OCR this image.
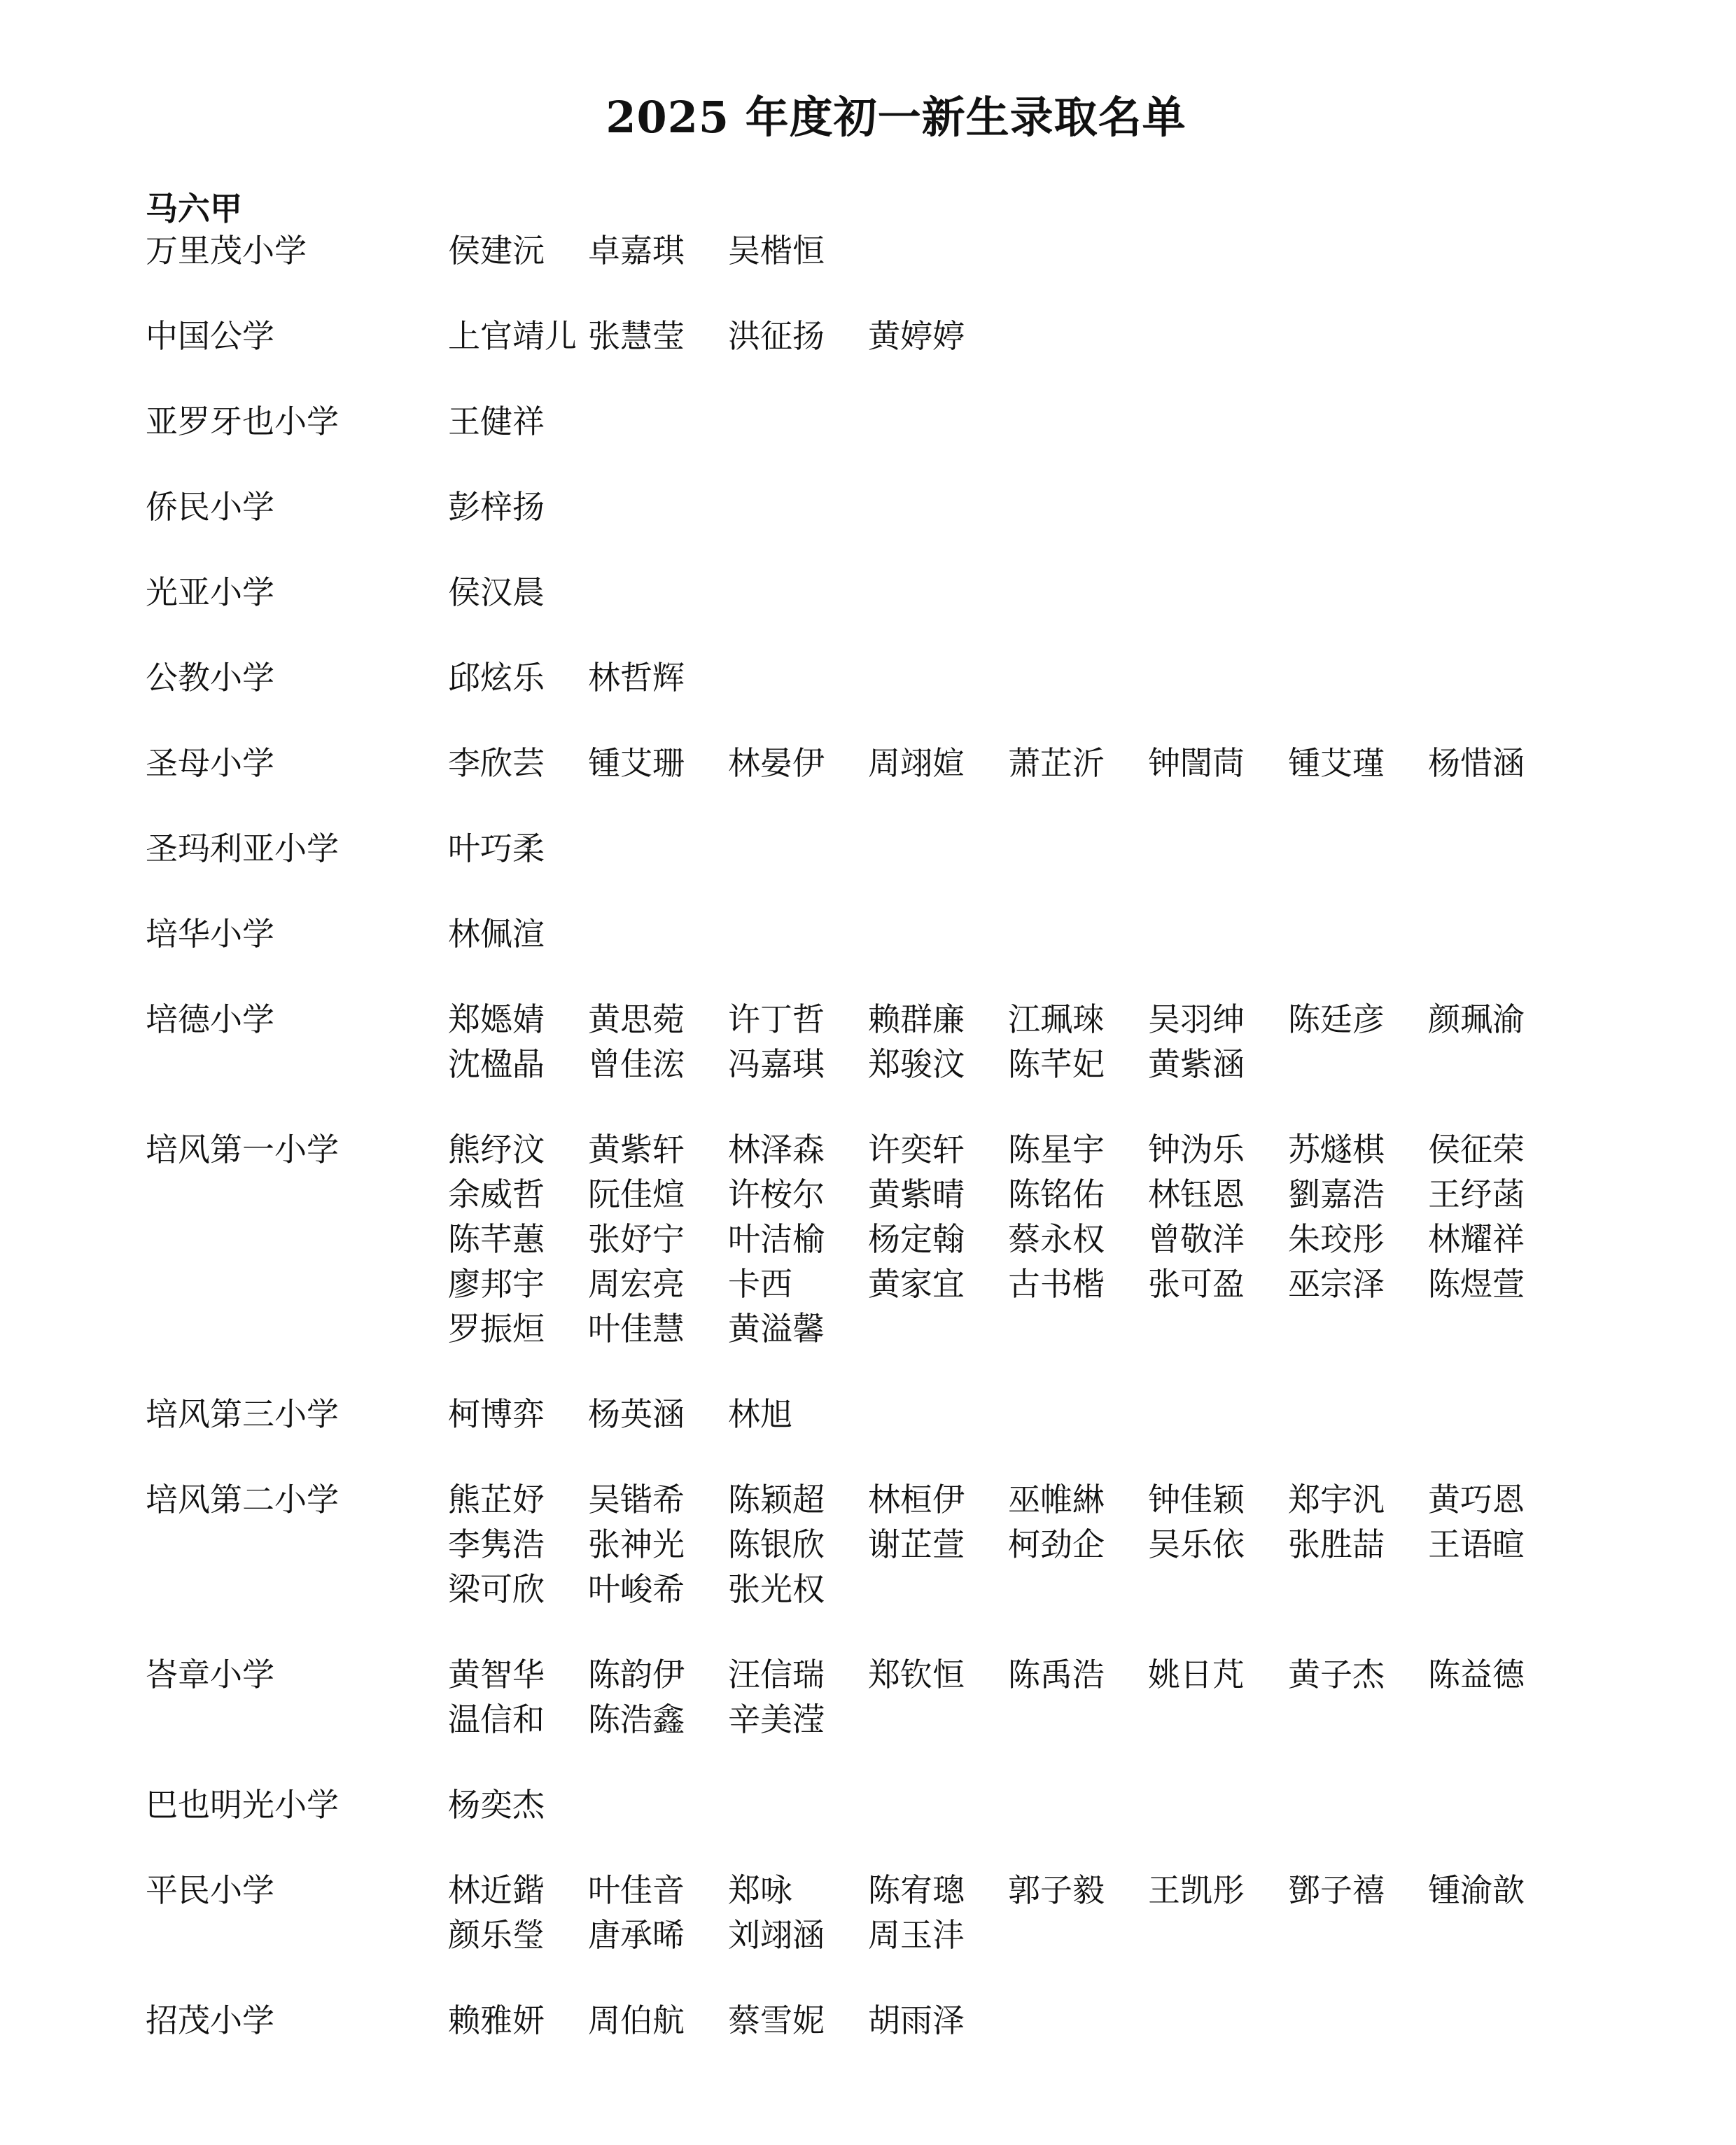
2025 年度初一新生录取名单
马六甲
万里茂小学	侯建沅	卓嘉琪	吴楷恒
中国公学	上官靖儿 张慧莹	洪征扬	黄婷婷
亚罗牙也小学	王健祥
侨民小学	彭梓扬
光亚小学	侯汉晨
公教小学	邱炫乐	林哲辉
圣母小学	李欣芸	锺艾珊	林晏伊	周翊媗	萧芷沂	钟誾茼	锺艾瑾	杨惜涵
圣玛利亚小学	叶巧柔
培华小学	林佩渲
培德小学	郑嫕婧	黄思菀	许丁哲	赖群廉	江珮琜	吴羽绅	陈廷彦	颜珮渝
沈楹晶	曾佳浤	冯嘉琪	郑骏汶	陈芊妃	黄紫涵
培风第一小学	熊纾汶	黄紫轩	林泽森	许奕轩	陈星宇	钟沩乐	苏燧棋	侯征荣
余威哲	阮佳煊	许桉尔	黄紫晴	陈铭佑	林钰恩	劉嘉浩	王纾菡
陈芊蕙	张妤宁	叶洁榆	杨定翰	蔡永权	曾敬洋	朱珓彤	林耀祥
廖邦宇	周宏亮	卡西	黄家宜	古书楷	张可盈	巫宗泽	陈煜萱
罗振烜	叶佳慧	黄溢馨
培风第三小学	柯博弈	杨英涵	林旭
培风第二小学	熊芷妤	吴锴希	陈颖超	林桓伊	巫帷綝	钟佳颖	郑宇汎	黄巧恩
李隽浩	张神光	陈银欣	谢芷萱	柯劲企	吴乐依	张胜喆	王语暄
梁可欣	叶峻希	张光权
峇章小学	黄智华	陈韵伊	汪信瑞	郑钦恒	陈禹浩	姚日芃	黄子杰	陈益德
温信和	陈浩鑫	辛美滢
巴也明光小学	杨奕杰
平民小学	林近鍇	叶佳音	郑咏	陈宥璁	郭子毅	王凯彤	鄧子禧	锺渝歆
颜乐瑩	唐承晞	刘翊涵	周玉沣
招茂小学	赖雅妍	周伯航	蔡雪妮	胡雨泽
